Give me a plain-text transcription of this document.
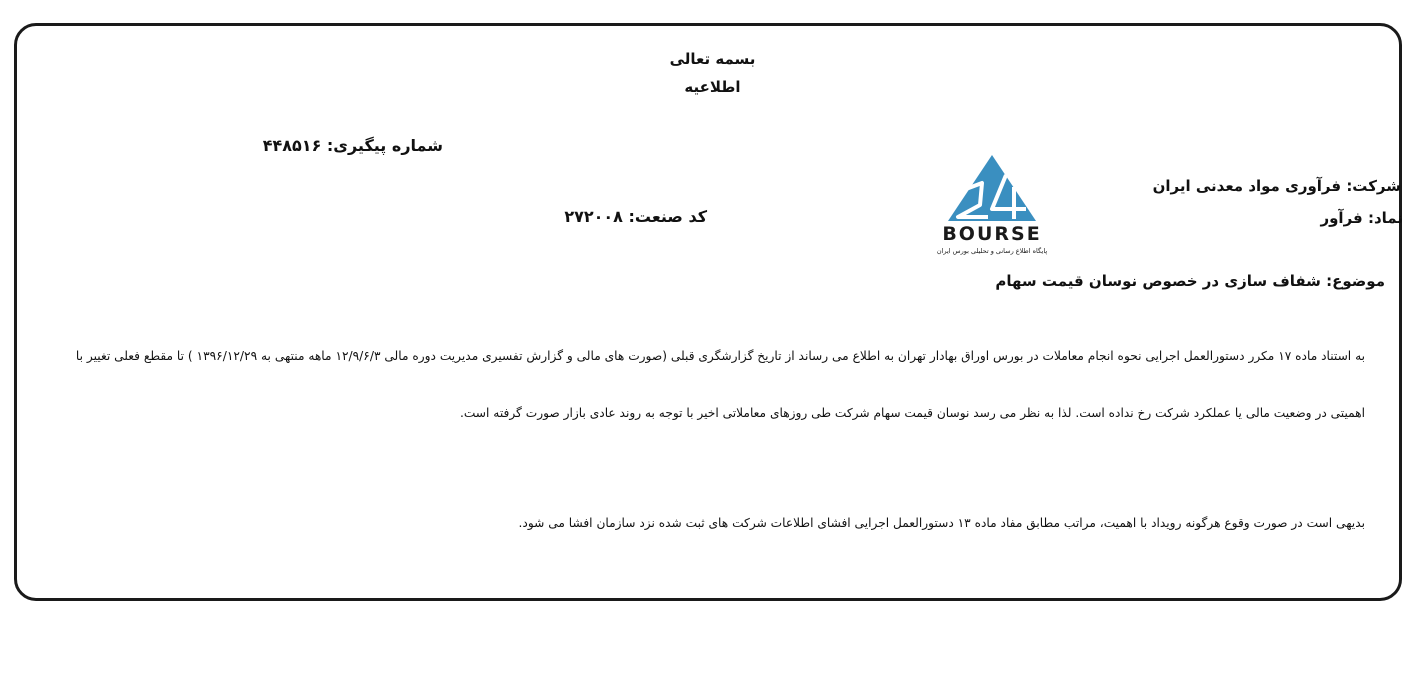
بسمه تعالی
اطلاعیه
شماره پیگیری: ۴۴۸۵۱۶
شرکت: فرآوری مواد معدنی ایران
نماد: فرآور
کد صنعت: ۲۷۲۰۰۸
BOURSE
پایگاه اطلاع رسانی و تحلیلی بورس ایران
موضوع: شفاف سازی در خصوص نوسان قیمت سهام
به استناد ماده ۱۷ مکرر دستورالعمل اجرایی نحوه انجام معاملات در بورس اوراق بهادار تهران به اطلاع می رساند از تاریخ گزارشگری قبلی (صورت های مالی و گزارش تفسیری مدیریت دوره مالی ۱۲/۹/۶/۳ ماهه منتهی به ۱۳۹۶/۱۲/۲۹ ) تا مقطع فعلی تغییر با
اهمیتی در وضعیت مالی یا عملکرد شرکت رخ نداده است. لذا به نظر می رسد نوسان قیمت سهام شرکت طی روزهای معاملاتی اخیر با توجه به روند عادی بازار صورت گرفته است.
بدیهی است در صورت وقوع هرگونه رویداد با اهمیت، مراتب مطابق مفاد ماده ۱۳ دستورالعمل اجرایی افشای اطلاعات شرکت های ثبت شده نزد سازمان افشا می شود.
